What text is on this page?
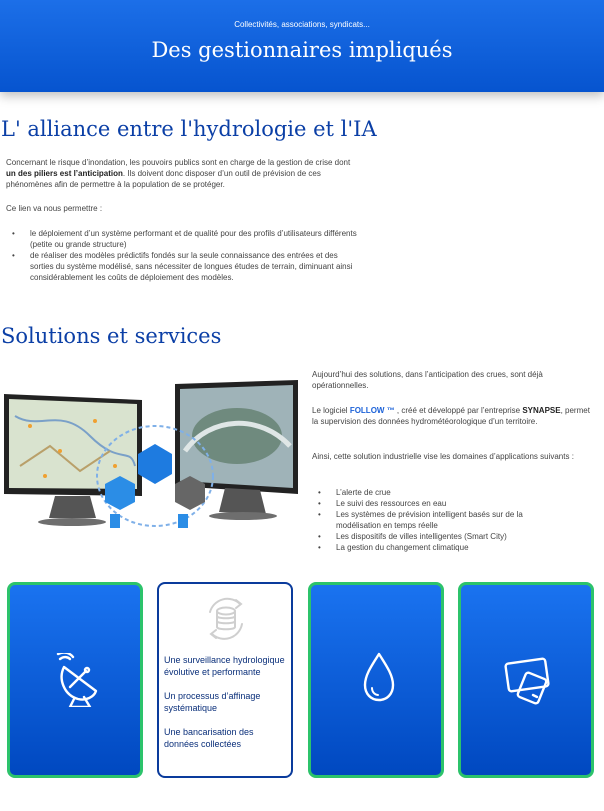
Collectivités, associations, syndicats...
Des gestionnaires impliqués
L' alliance entre l'hydrologie et l'IA

Concernant le risque d’inondation, les pouvoirs publics sont en charge de la gestion de crise dont un des piliers est l’anticipation. Ils doivent donc disposer d’un outil de prévision de ces phénomènes afin de permettre à la population de se protéger.

Ce lien va nous permettre :

• le déploiement d’un système performant et de qualité pour des profils d’utilisateurs différents (petite ou grande structure)
• de réaliser des modèles prédictifs fondés sur la seule connaissance des entrées et des sorties du système modélisé, sans nécessiter de longues études de terrain, diminuant ainsi considérablement les coûts de déploiement des modèles.
Solutions et services

Aujourd’hui des solutions, dans l’anticipation des crues, sont déjà opérationnelles.

Le logiciel FOLLOW ™ , créé et développé par l’entreprise SYNAPSE, permet la supervision des données hydrométéorologique d’un territoire.

Ainsi, cette solution industrielle vise les domaines d’applications suivants :

• L’alerte de crue
• Le suivi des ressources en eau
• Les systèmes de prévision intelligent basés sur de la modélisation en temps réelle
• Les dispositifs de villes intelligentes (Smart City)
• La gestion du changement climatique
Une surveillance hydrologique évolutive et performante
Un processus d’affinage systématique
Une bancarisation des données collectées
